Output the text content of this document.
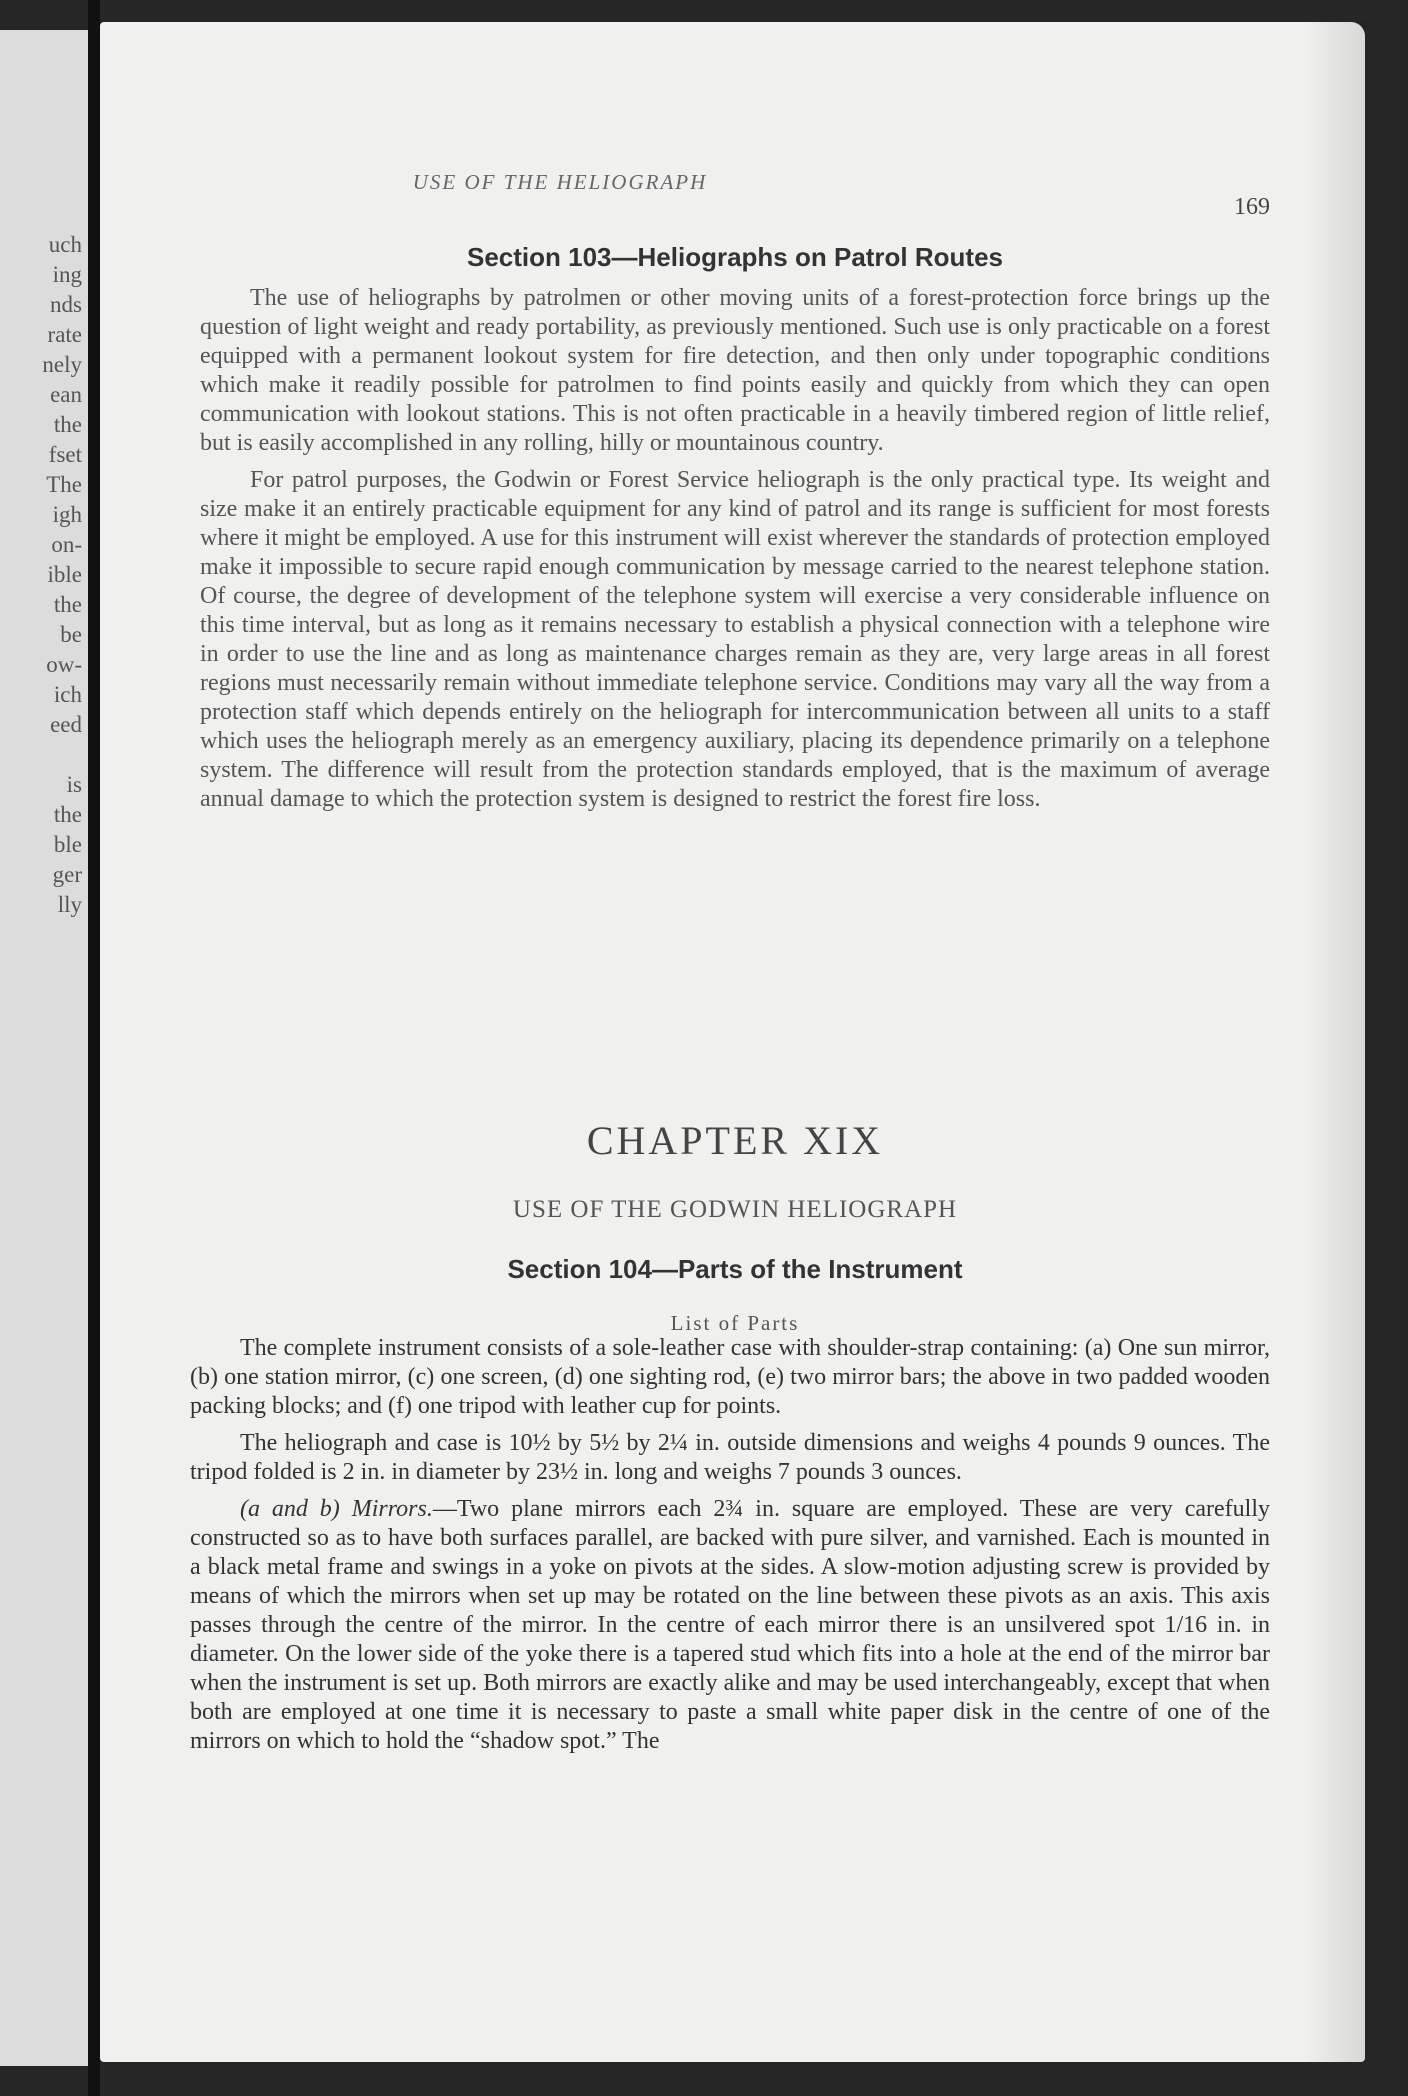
uch
ing
nds
rate
nely
ean
the
fset
The
igh
on-
ible
the
be
ow-
ich
eed
is
the
ble
ger
lly
USE OF THE HELIOGRAPH
169
Section 103—Heliographs on Patrol Routes

The use of heliographs by patrolmen or other moving units of a forest-protection force brings up the question of light weight and ready portability, as previously mentioned. Such use is only practicable on a forest equipped with a permanent lookout system for fire detection, and then only under topographic conditions which make it readily possible for patrolmen to find points easily and quickly from which they can open communication with lookout stations. This is not often practicable in a heavily timbered region of little relief, but is easily accomplished in any rolling, hilly or mountainous country.

For patrol purposes, the Godwin or Forest Service heliograph is the only practical type. Its weight and size make it an entirely practicable equipment for any kind of patrol and its range is sufficient for most forests where it might be employed. A use for this instrument will exist wherever the standards of protection employed make it impossible to secure rapid enough communication by message carried to the nearest telephone station. Of course, the degree of development of the telephone system will exercise a very considerable influence on this time interval, but as long as it remains necessary to establish a physical connection with a telephone wire in order to use the line and as long as maintenance charges remain as they are, very large areas in all forest regions must necessarily remain without immediate telephone service. Conditions may vary all the way from a protection staff which depends entirely on the heliograph for intercommunication between all units to a staff which uses the heliograph merely as an emergency auxiliary, placing its dependence primarily on a telephone system. The difference will result from the protection standards employed, that is the maximum of average annual damage to which the protection system is designed to restrict the forest fire loss.

CHAPTER XIX
USE OF THE GODWIN HELIOGRAPH
Section 104—Parts of the Instrument
List of Parts

The complete instrument consists of a sole-leather case with shoulder-strap containing: (a) One sun mirror, (b) one station mirror, (c) one screen, (d) one sighting rod, (e) two mirror bars; the above in two padded wooden packing blocks; and (f) one tripod with leather cup for points.

The heliograph and case is 10½ by 5½ by 2¼ in. outside dimensions and weighs 4 pounds 9 ounces. The tripod folded is 2 in. in diameter by 23½ in. long and weighs 7 pounds 3 ounces.

(a and b) Mirrors.—Two plane mirrors each 2¾ in. square are employed. These are very carefully constructed so as to have both surfaces parallel, are backed with pure silver, and varnished. Each is mounted in a black metal frame and swings in a yoke on pivots at the sides. A slow-motion adjusting screw is provided by means of which the mirrors when set up may be rotated on the line between these pivots as an axis. This axis passes through the centre of the mirror. In the centre of each mirror there is an unsilvered spot 1/16 in. in diameter. On the lower side of the yoke there is a tapered stud which fits into a hole at the end of the mirror bar when the instrument is set up. Both mirrors are exactly alike and may be used interchangeably, except that when both are employed at one time it is necessary to paste a small white paper disk in the centre of one of the mirrors on which to hold the “shadow spot.” The
